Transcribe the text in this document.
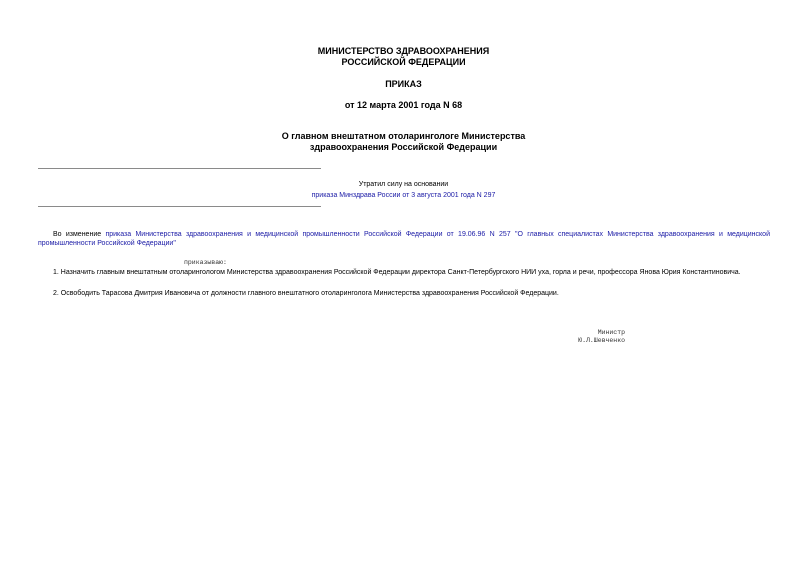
МИНИСТЕРСТВО ЗДРАВООХРАНЕНИЯ
РОССИЙСКОЙ ФЕДЕРАЦИИ
ПРИКАЗ
от 12 марта 2001 года N 68
О главном внештатном отоларингологе Министерства
здравоохранения Российской Федерации
Утратил силу на основании
приказа Минздрава России от 3 августа 2001 года N 297
Во изменение приказа Министерства здравоохранения и медицинской промышленности Российской Федерации от 19.06.96 N 257 "О главных специалистах Министерства здравоохранения и медицинской
промышленности Российской Федерации"
приказываю:
1. Назначить главным внештатным отоларингологом Министерства здравоохранения Российской Федерации директора Санкт-Петербургского НИИ уха, горла и речи, профессора Янова Юрия Константиновича.
2. Освободить Тарасова Дмитрия Ивановича от должности главного внештатного отоларинголога Министерства здравоохранения Российской Федерации.
Министр
Ю.Л.Шевченко
